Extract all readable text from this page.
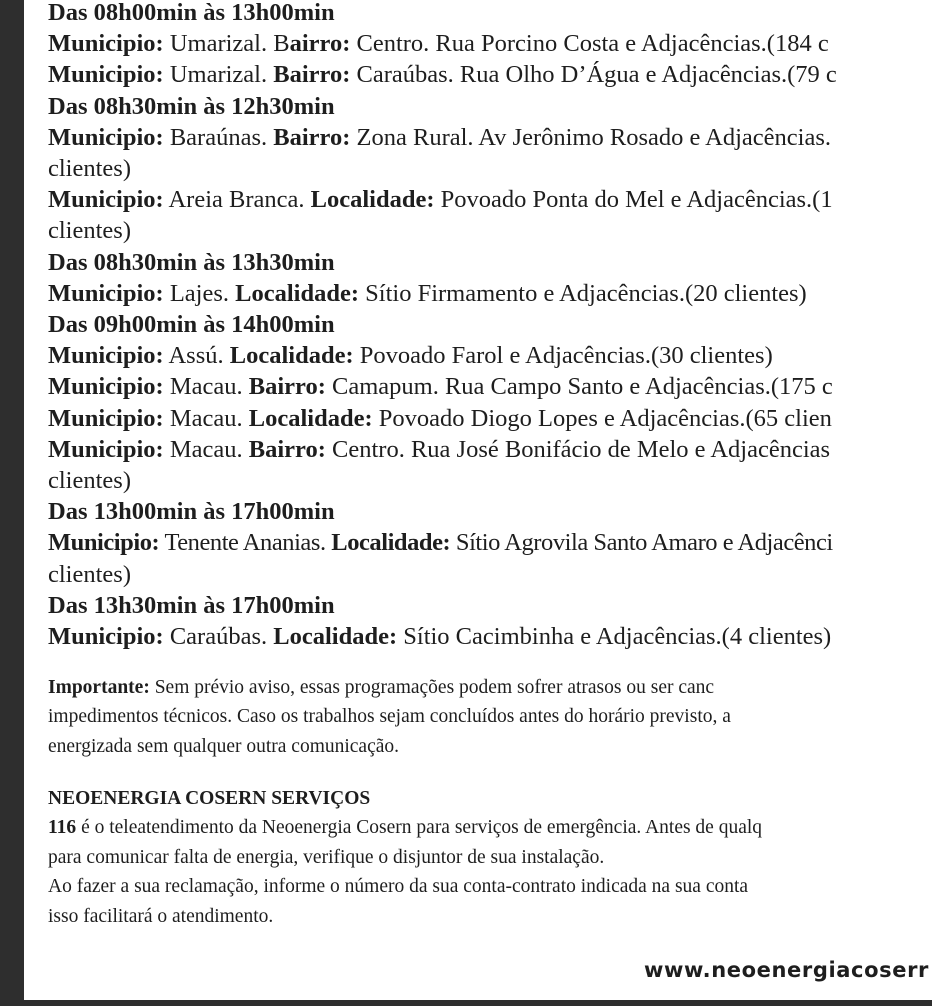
Das 08h00min às 13h00min
Municipio: Umarizal. Bairro: Centro. Rua Porcino Costa e Adjacências.(184 c
Municipio: Umarizal. Bairro: Caraúbas. Rua Olho D’Água e Adjacências.(79 c
Das 08h30min às 12h30min
Municipio: Baraúnas. Bairro: Zona Rural. Av Jerônimo Rosado e Adjacências.
clientes)
Municipio: Areia Branca. Localidade: Povoado Ponta do Mel e Adjacências.(1
clientes)
Das 08h30min às 13h30min
Municipio: Lajes. Localidade: Sítio Firmamento e Adjacências.(20 clientes)
Das 09h00min às 14h00min
Municipio: Assú. Localidade: Povoado Farol e Adjacências.(30 clientes)
Municipio: Macau. Bairro: Camapum. Rua Campo Santo e Adjacências.(175 c
Municipio: Macau. Localidade: Povoado Diogo Lopes e Adjacências.(65 clien
Municipio: Macau. Bairro: Centro. Rua José Bonifácio de Melo e Adjacências
clientes)
Das 13h00min às 17h00min
Municipio: Tenente Ananias. Localidade: Sítio Agrovila Santo Amaro e Adjacênci
clientes)
Das 13h30min às 17h00min
Municipio: Caraúbas. Localidade: Sítio Cacimbinha e Adjacências.(4 clientes)
Importante: Sem prévio aviso, essas programações podem sofrer atrasos ou ser canc
impedimentos técnicos. Caso os trabalhos sejam concluídos antes do horário previsto, a
energizada sem qualquer outra comunicação.
NEOENERGIA COSERN SERVIÇOS
116 é o teleatendimento da Neoenergia Cosern para serviços de emergência. Antes de qualq
para comunicar falta de energia, verifique o disjuntor de sua instalação.
Ao fazer a sua reclamação, informe o número da sua conta-contrato indicada na sua conta
isso facilitará o atendimento.
www.neoenergiacoserr
